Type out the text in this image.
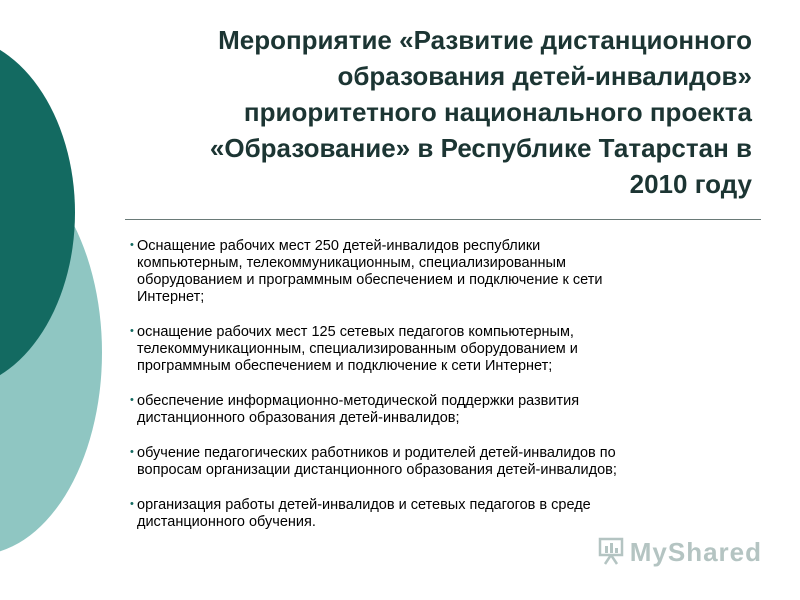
Мероприятие «Развитие дистанционного
образования детей-инвалидов»
приоритетного национального проекта
«Образование» в Республике Татарстан в
2010 году
• Оснащение рабочих мест 250 детей-инвалидов республики
компьютерным, телекоммуникационным, специализированным
оборудованием и программным обеспечением и подключение к сети
Интернет;
• оснащение рабочих мест 125 сетевых педагогов компьютерным,
телекоммуникационным, специализированным оборудованием и
программным обеспечением и подключение к сети Интернет;
• обеспечение информационно-методической поддержки развития
дистанционного образования детей-инвалидов;
• обучение педагогических работников и родителей детей-инвалидов по
вопросам организации дистанционного образования детей-инвалидов;
• организация работы детей-инвалидов и сетевых педагогов в среде
дистанционного обучения.
MyShared
